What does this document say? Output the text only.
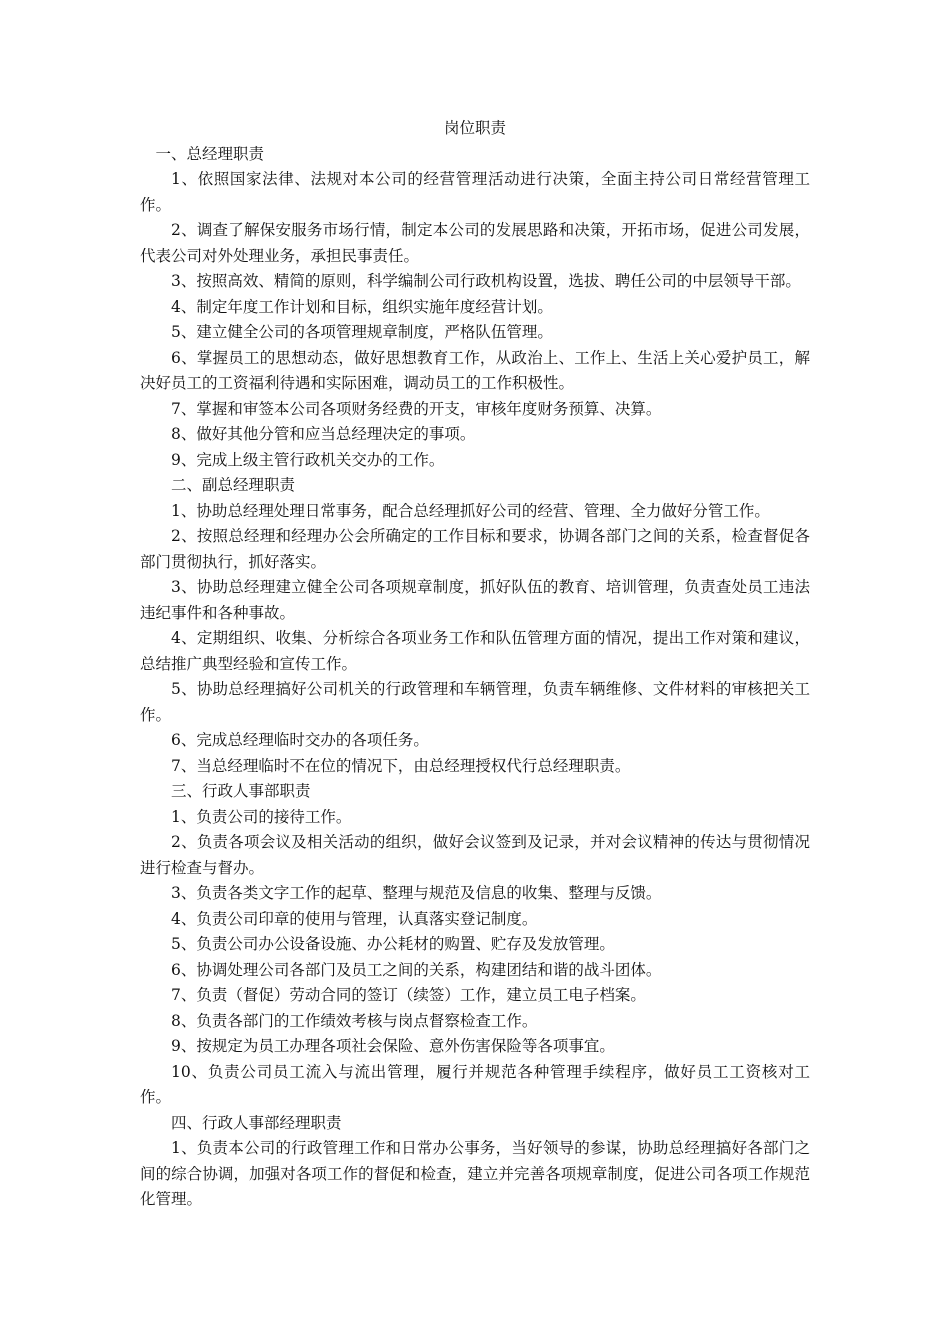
岗位职责

一、总经理职责

1、依照国家法律、法规对本公司的经营管理活动进行决策，全面主持公司日常经营管理工作。

2、调查了解保安服务市场行情，制定本公司的发展思路和决策，开拓市场，促进公司发展，代表公司对外处理业务，承担民事责任。

3、按照高效、精简的原则，科学编制公司行政机构设置，选拔、聘任公司的中层领导干部。

4、制定年度工作计划和目标，组织实施年度经营计划。

5、建立健全公司的各项管理规章制度，严格队伍管理。

6、掌握员工的思想动态，做好思想教育工作，从政治上、工作上、生活上关心爱护员工，解决好员工的工资福利待遇和实际困难，调动员工的工作积极性。

7、掌握和审签本公司各项财务经费的开支，审核年度财务预算、决算。

8、做好其他分管和应当总经理决定的事项。

9、完成上级主管行政机关交办的工作。

二、副总经理职责

1、协助总经理处理日常事务，配合总经理抓好公司的经营、管理、全力做好分管工作。

2、按照总经理和经理办公会所确定的工作目标和要求，协调各部门之间的关系，检查督促各部门贯彻执行，抓好落实。

3、协助总经理建立健全公司各项规章制度，抓好队伍的教育、培训管理，负责查处员工违法违纪事件和各种事故。

4、定期组织、收集、分析综合各项业务工作和队伍管理方面的情况，提出工作对策和建议，总结推广典型经验和宣传工作。

5、协助总经理搞好公司机关的行政管理和车辆管理，负责车辆维修、文件材料的审核把关工作。

6、完成总经理临时交办的各项任务。

7、当总经理临时不在位的情况下，由总经理授权代行总经理职责。

三、行政人事部职责

1、负责公司的接待工作。

2、负责各项会议及相关活动的组织，做好会议签到及记录，并对会议精神的传达与贯彻情况进行检查与督办。

3、负责各类文字工作的起草、整理与规范及信息的收集、整理与反馈。

4、负责公司印章的使用与管理，认真落实登记制度。

5、负责公司办公设备设施、办公耗材的购置、贮存及发放管理。

6、协调处理公司各部门及员工之间的关系，构建团结和谐的战斗团体。

7、负责（督促）劳动合同的签订（续签）工作，建立员工电子档案。

8、负责各部门的工作绩效考核与岗点督察检查工作。

9、按规定为员工办理各项社会保险、意外伤害保险等各项事宜。

10、负责公司员工流入与流出管理，履行并规范各种管理手续程序，做好员工工资核对工作。

四、行政人事部经理职责

1、负责本公司的行政管理工作和日常办公事务，当好领导的参谋，协助总经理搞好各部门之间的综合协调，加强对各项工作的督促和检查，建立并完善各项规章制度，促进公司各项工作规范化管理。
